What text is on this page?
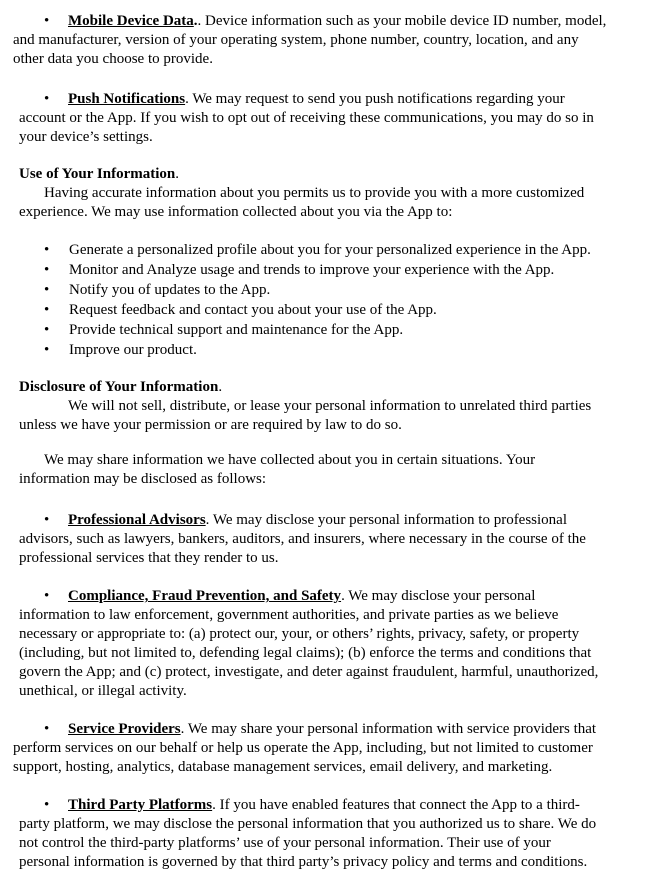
• Mobile Device Data.. Device information such as your mobile device ID number, model,
and manufacturer, version of your operating system, phone number, country, location, and any
other data you choose to provide.
• Push Notifications. We may request to send you push notifications regarding your
account or the App. If you wish to opt out of receiving these communications, you may do so in
your device’s settings.
Use of Your Information.
Having accurate information about you permits us to provide you with a more customized
experience. We may use information collected about you via the App to:
• Generate a personalized profile about you for your personalized experience in the App.
• Monitor and Analyze usage and trends to improve your experience with the App.
• Notify you of updates to the App.
• Request feedback and contact you about your use of the App.
• Provide technical support and maintenance for the App.
• Improve our product.
Disclosure of Your Information.
We will not sell, distribute, or lease your personal information to unrelated third parties
unless we have your permission or are required by law to do so.
We may share information we have collected about you in certain situations. Your
information may be disclosed as follows:
• Professional Advisors. We may disclose your personal information to professional
advisors, such as lawyers, bankers, auditors, and insurers, where necessary in the course of the
professional services that they render to us.
• Compliance, Fraud Prevention, and Safety. We may disclose your personal
information to law enforcement, government authorities, and private parties as we believe
necessary or appropriate to: (a) protect our, your, or others’ rights, privacy, safety, or property
(including, but not limited to, defending legal claims); (b) enforce the terms and conditions that
govern the App; and (c) protect, investigate, and deter against fraudulent, harmful, unauthorized,
unethical, or illegal activity.
• Service Providers. We may share your personal information with service providers that
perform services on our behalf or help us operate the App, including, but not limited to customer
support, hosting, analytics, database management services, email delivery, and marketing.
• Third Party Platforms. If you have enabled features that connect the App to a third-
party platform, we may disclose the personal information that you authorized us to share. We do
not control the third-party platforms’ use of your personal information. Their use of your
personal information is governed by that third party’s privacy policy and terms and conditions.
